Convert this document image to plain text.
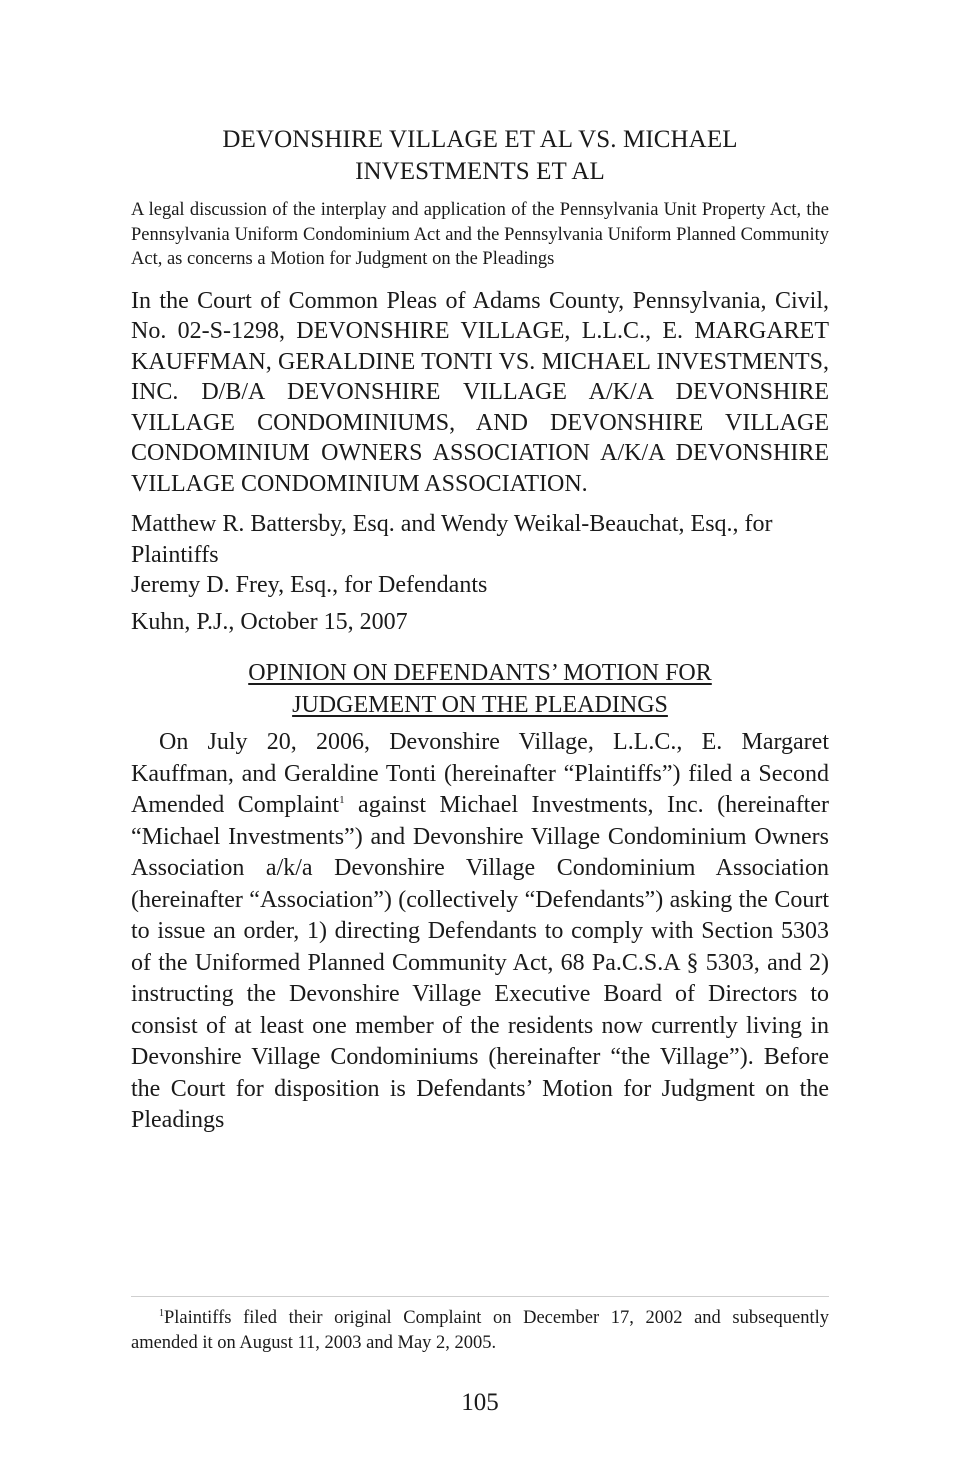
DEVONSHIRE VILLAGE ET AL VS. MICHAEL
INVESTMENTS ET AL

A legal discussion of the interplay and application of the Pennsylvania Unit Property Act, the Pennsylvania Uniform Condominium Act and the Pennsylvania Uniform Planned Community Act, as concerns a Motion for Judgment on the Pleadings

In the Court of Common Pleas of Adams County, Pennsylvania, Civil, No. 02-S-1298, DEVONSHIRE VILLAGE, L.L.C., E. MARGARET KAUFFMAN, GERALDINE TONTI VS. MICHAEL INVESTMENTS, INC. D/B/A DEVONSHIRE VILLAGE A/K/A DEVONSHIRE VILLAGE CONDOMINIUMS, AND DEVONSHIRE VILLAGE CONDOMINIUM OWNERS ASSOCIATION A/K/A DEVONSHIRE VILLAGE CONDOMINIUM ASSOCIATION.

Matthew R. Battersby, Esq. and Wendy Weikal-Beauchat, Esq., for Plaintiffs
Jeremy D. Frey, Esq., for Defendants
Kuhn, P.J., October 15, 2007
OPINION ON DEFENDANTS’ MOTION FOR
JUDGEMENT ON THE PLEADINGS

On July 20, 2006, Devonshire Village, L.L.C., E. Margaret Kauffman, and Geraldine Tonti (hereinafter “Plaintiffs”) filed a Second Amended Complaint$^1$ against Michael Investments, Inc. (hereinafter “Michael Investments”) and Devonshire Village Condominium Owners Association a/k/a Devonshire Village Condominium Association (hereinafter “Association”) (collectively “Defendants”) asking the Court to issue an order, 1) directing Defendants to comply with Section 5303 of the Uniformed Planned Community Act, 68 Pa.C.S.A § 5303, and 2) instructing the Devonshire Village Executive Board of Directors to consist of at least one member of the residents now currently living in Devonshire Village Condominiums (hereinafter “the Village”). Before the Court for disposition is Defendants’ Motion for Judgment on the Pleadings

$^1$Plaintiffs filed their original Complaint on December 17, 2002 and subsequently amended it on August 11, 2003 and May 2, 2005.
105
